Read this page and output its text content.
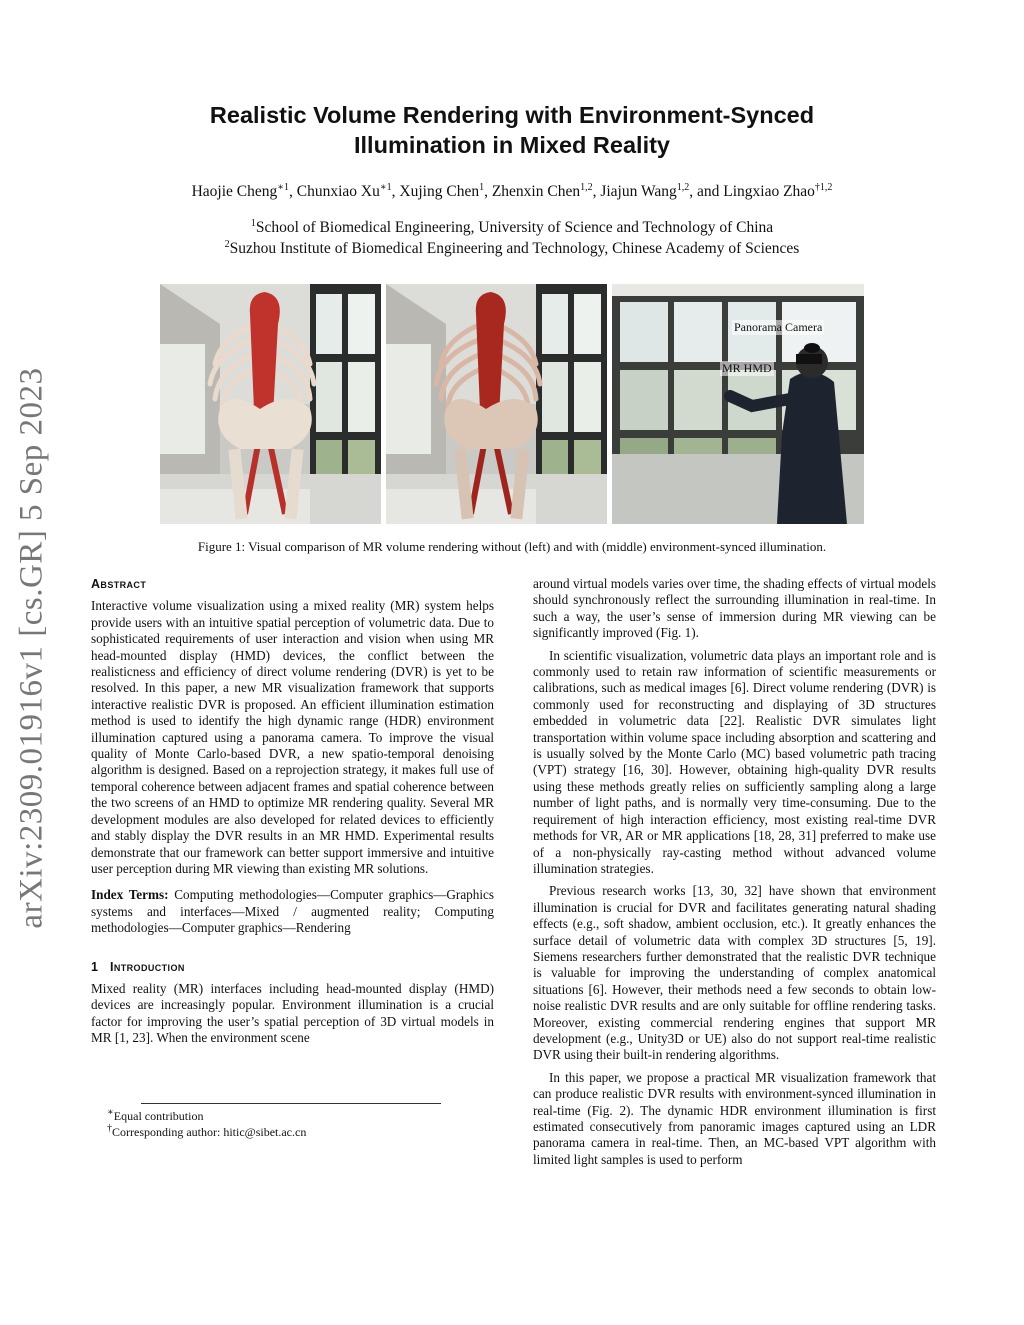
arXiv:2309.01916v1 [cs.GR] 5 Sep 2023
Realistic Volume Rendering with Environment-Synced
Illumination in Mixed Reality
Haojie Cheng$^{∗1}$, Chunxiao $Xu^{∗1}$, Xujing Chen$^1$, Zhenxin Chen$^{1,2}$, Jiajun Wang$^{1,2}$, and Lingxiao Zhao$^{\dagger 1,2}$
$^1$School of Biomedical Engineering, University of Science and Technology of China
$^2$Suzhou Institute of Biomedical Engineering and Technology, Chinese Academy of Sciences
Panorama Camera
MR HMD
Figure 1: Visual comparison of MR volume rendering without (left) and with (middle) environment-synced illumination.
Abstract

Interactive volume visualization using a mixed reality (MR) system helps provide users with an intuitive spatial perception of volumetric data. Due to sophisticated requirements of user interaction and vision when using MR head-mounted display (HMD) devices, the conflict between the realisticness and efficiency of direct volume rendering (DVR) is yet to be resolved. In this paper, a new MR visualization framework that supports interactive realistic DVR is proposed. An efficient illumination estimation method is used to identify the high dynamic range (HDR) environment illumination captured using a panorama camera. To improve the visual quality of Monte Carlo-based DVR, a new spatio-temporal denoising algorithm is designed. Based on a reprojection strategy, it makes full use of temporal coherence between adjacent frames and spatial coherence between the two screens of an HMD to optimize MR rendering quality. Several MR development modules are also developed for related devices to efficiently and stably display the DVR results in an MR HMD. Experimental results demonstrate that our framework can better support immersive and intuitive user perception during MR viewing than existing MR solutions.

Index Terms: Computing methodologies—Computer graphics—Graphics systems and interfaces—Mixed / augmented reality; Computing methodologies—Computer graphics—Rendering

1 Introduction

Mixed reality (MR) interfaces including head-mounted display (HMD) devices are increasingly popular. Environment illumination is a crucial factor for improving the user’s spatial perception of 3D virtual models in MR [1, 23]. When the environment scene

∗Equal contribution
†Corresponding author: hitic@sibet.ac.cn

around virtual models varies over time, the shading effects of virtual models should synchronously reflect the surrounding illumination in real-time. In such a way, the user’s sense of immersion during MR viewing can be significantly improved (Fig. 1).

In scientific visualization, volumetric data plays an important role and is commonly used to retain raw information of scientific measurements or calibrations, such as medical images [6]. Direct volume rendering (DVR) is commonly used for reconstructing and displaying of 3D structures embedded in volumetric data [22]. Realistic DVR simulates light transportation within volume space including absorption and scattering and is usually solved by the Monte Carlo (MC) based volumetric path tracing (VPT) strategy [16, 30]. However, obtaining high-quality DVR results using these methods greatly relies on sufficiently sampling along a large number of light paths, and is normally very time-consuming. Due to the requirement of high interaction efficiency, most existing real-time DVR methods for VR, AR or MR applications [18, 28, 31] preferred to make use of a non-physically ray-casting method without advanced volume illumination strategies.

Previous research works [13, 30, 32] have shown that environment illumination is crucial for DVR and facilitates generating natural shading effects (e.g., soft shadow, ambient occlusion, etc.). It greatly enhances the surface detail of volumetric data with complex 3D structures [5, 19]. Siemens researchers further demonstrated that the realistic DVR technique is valuable for improving the understanding of complex anatomical situations [6]. However, their methods need a few seconds to obtain low-noise realistic DVR results and are only suitable for offline rendering tasks. Moreover, existing commercial rendering engines that support MR development (e.g., Unity3D or UE) also do not support real-time realistic DVR using their built-in rendering algorithms.

In this paper, we propose a practical MR visualization framework that can produce realistic DVR results with environment-synced illumination in real-time (Fig. 2). The dynamic HDR environment illumination is first estimated consecutively from panoramic images captured using an LDR panorama camera in real-time. Then, an MC-based VPT algorithm with limited light samples is used to perform
